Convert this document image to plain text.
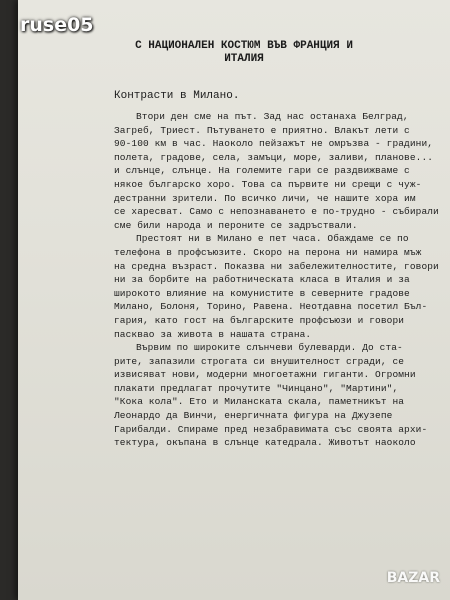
С НАЦИОНАЛЕН КОСТЮМ ВЪВ ФРАНЦИЯ И
ИТАЛИЯ
Контрасти в Милано.
Втори ден сме на път. Зад нас останаха Белград,
Загреб, Триест. Пътуването е приятно. Влакът лети с
90-100 км в час. Наоколо пейзажът не омръзва - градини,
полета, градове, села, замъци, море, заливи, планове...
и слънце, слънце. На големите гари се раздвижваме с
някое българско хоро. Това са първите ни срещи с чуж-
дестранни зрители. По всичко личи, че нашите хора им
се харесват. Само с непознаването е по-трудно - събирали
сме били народа и пероните се задръствали.
Престоят ни в Милано е пет часа. Обаждаме се по
телефона в профсъюзите. Скоро на перона ни намира мъж
на средна възраст. Показва ни забележителностите, говори
ни за борбите на работническата класа в Италия и за
широкото влияние на комунистите в северните градове
Милано, Болоня, Торино, Равена. Неотдавна посетил Бъл-
гария, като гост на българските профсъюзи и говори
пасквао за живота в нашата страна.
Вървим по широките слънчеви булеварди. До ста-
рите, запазили строгата си внушителност сгради, се
извисяват нови, модерни многоетажни гиганти. Огромни
плакати предлагат прочутите "Чинцано", "Мартини",
"Кока кола". Ето и Миланската скала, паметникът на
Леонардо да Винчи, енергичната фигура на Джузепе
Гарибалди. Спираме пред незабравимата със своята архи-
тектура, окъпана в слънце катедрала. Животът наоколо
BAZAR
ruse05
